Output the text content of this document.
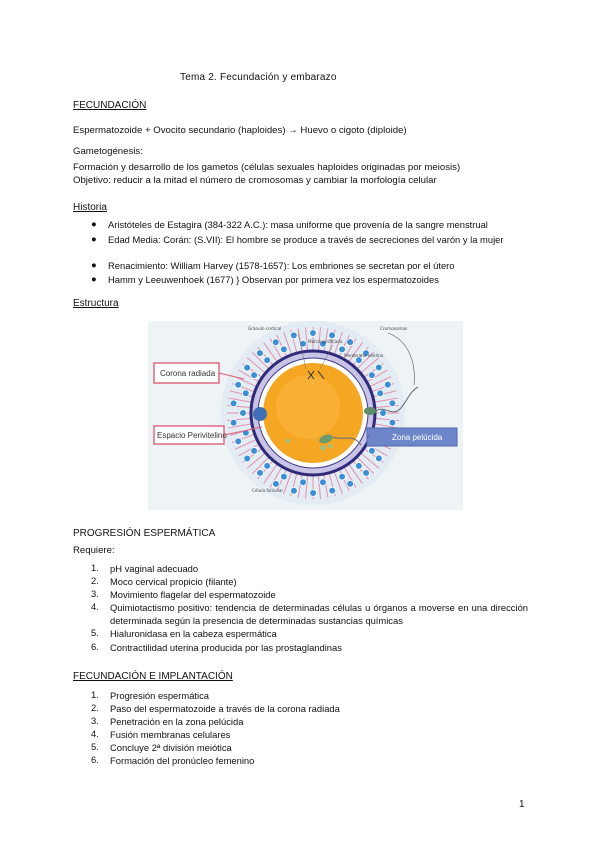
Tema 2. Fecundación y embarazo
FECUNDACIÓN
Espermatozoide + Ovocito secundario (haploides) → Huevo o cigoto (diploide)
Gametogénesis:
Formación y desarrollo de los gametos (células sexuales haploides originadas por meiosis)
Objetivo: reducir a la mitad el número de cromosomas y cambiar la morfología celular
Historia
● Aristóteles de Estagira (384-322 A.C.): masa uniforme que provenía de la sangre menstrual
● Edad Media: Corán: (S.VII): El hombre se produce a través de secreciones del varón y la mujer
● Renacimiento: William Harvey (1578-1657): Los embriones se secretan por el útero
● Hamm y Leeuwenhoek (1677) } Observan por primera vez los espermatozoides
Estructura
Gránulo cortical
Matriz gelificada
Membrana vitelina
Cromosomas
Célula folicular
Corona radiada
Espacio Perivitelino	Zona pelúcida
PROGRESIÓN ESPERMÁTICA
Requiere:
1. pH vaginal adecuado
2. Moco cervical propicio (filante)
3. Movimiento flagelar del espermatozoide
4. Quimiotactismo positivo: tendencia de determinadas células u órganos a moverse en una dirección determinada según la presencia de determinadas sustancias químicas
5. Hialuronidasa en la cabeza espermática
6. Contractilidad uterina producida por las prostaglandinas
FECUNDACIÓN E IMPLANTACIÓN
1. Progresión espermática
2. Paso del espermatozoide a través de la corona radiada
3. Penetración en la zona pelúcida
4. Fusión membranas celulares
5. Concluye 2ª división meiótica
6. Formación del pronúcleo femenino
1
